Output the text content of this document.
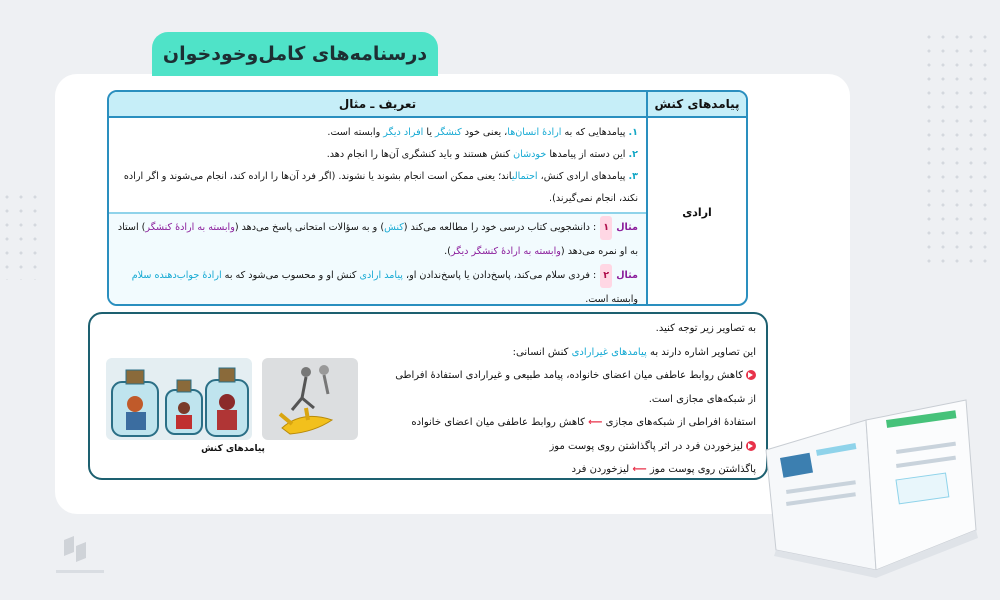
درسنامه‌های کامل‌وخودخوان
پیامدهای کنش
تعریف ـ مثال
ارادی
۱. پیامدهایی که به ارادهٔ انسان‌ها، یعنی خود کنشگر یا افراد دیگر وابسته است.
۲. این دسته از پیامدها خودشان کنش هستند و باید کنشگری آن‌ها را انجام دهد.
۳. پیامدهای ارادی کنش، احتمالیاند؛ یعنی ممکن است انجام بشوند یا نشوند. (اگر فرد آن‌ها را اراده کند، انجام می‌شوند و اگر اراده نکند، انجام نمی‌گیرند).
مثال ۱ : دانشجویی کتاب درسی خود را مطالعه می‌کند (کنش) و به سؤالات امتحانی پاسخ می‌دهد (وابسته به ارادهٔ کنشگر) استاد به او نمره می‌دهد (وابسته به ارادهٔ کنشگر دیگر).
مثال ۲ : فردی سلام می‌کند، پاسخ‌دادن یا پاسخ‌ندادن او، پیامد ارادی کنش او و محسوب می‌شود که به ارادهٔ جواب‌دهنده سلام وابسته است.
به تصاویر زیر توجه کنید.
این تصاویر اشاره دارند به پیامدهای غیرارادی کنش انسانی:
کاهش روابط عاطفی میان اعضای خانواده، پیامد طبیعی و غیرارادی استفادهٔ افراطی
از شبکه‌های مجازی است.
استفادهٔ افراطی از شبکه‌های مجازی ⟵ کاهش روابط عاطفی میان اعضای خانواده
لیزخوردن فرد در اثر پاگذاشتن روی پوست موز
پاگذاشتن روی پوست موز ⟵ لیزخوردن فرد
پیامدهای کنش
